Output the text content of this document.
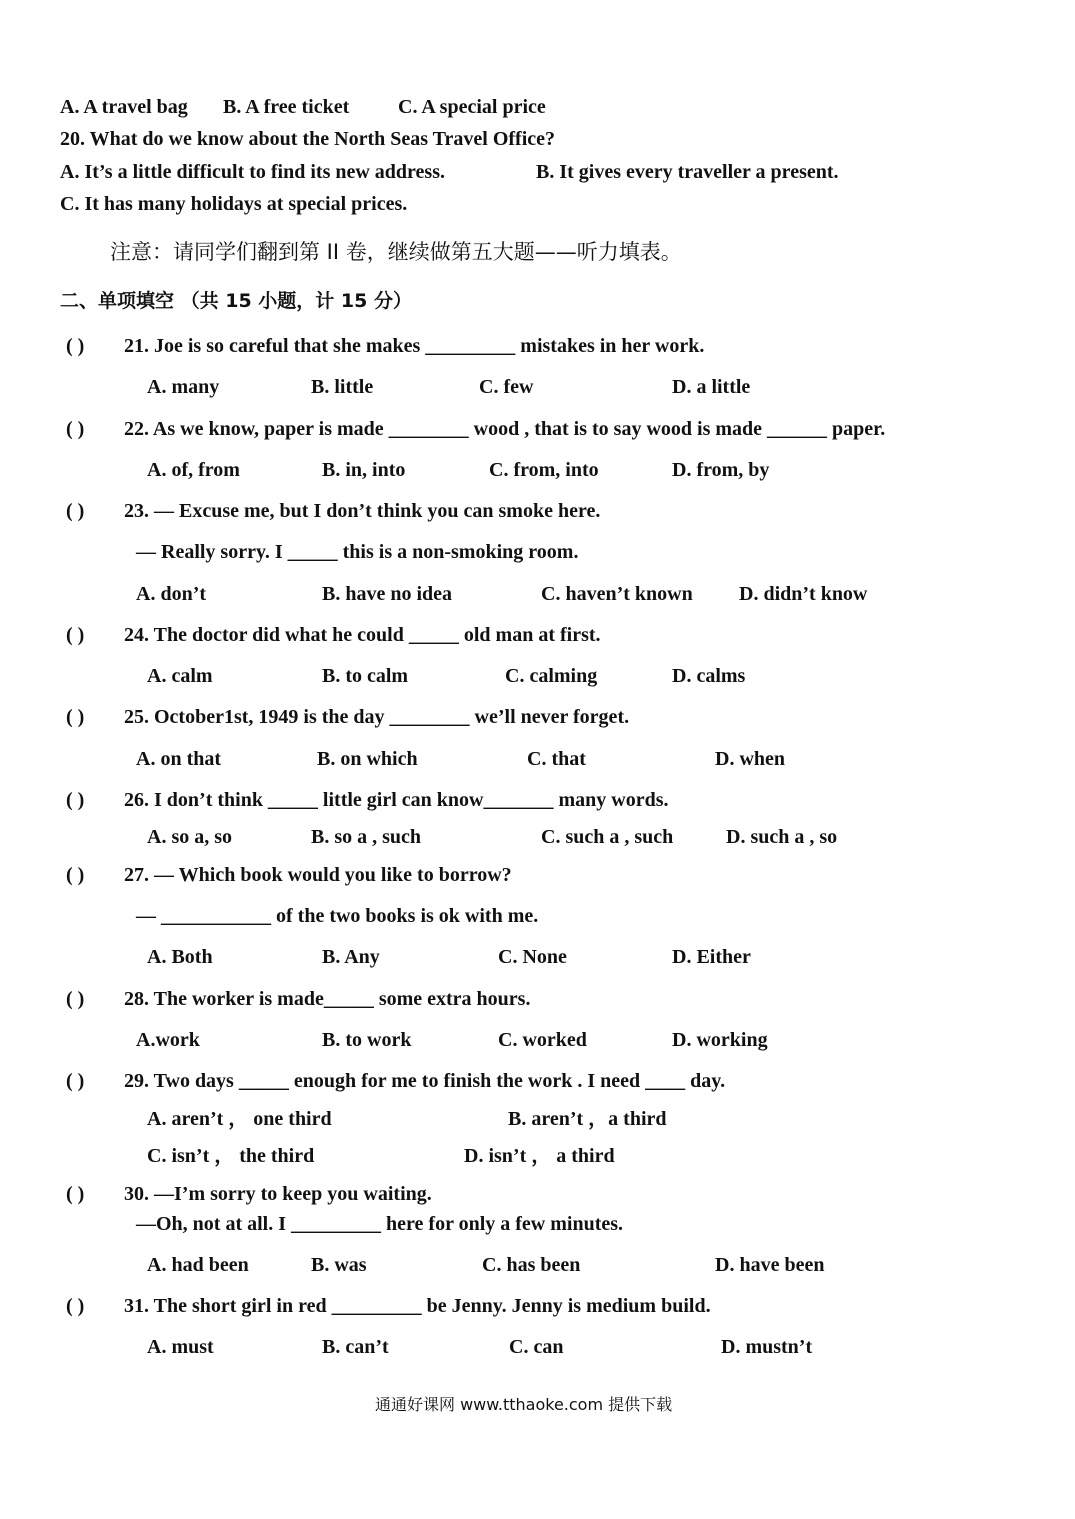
A. A travel bag B. A free ticket C. A special price
20. What do we know about the North Seas Travel Office?
A. It’s a little difficult to find its new address.	B. It gives every traveller a present.
C. It has many holidays at special prices.
注意：请同学们翻到第 II 卷，继续做第五大题——听力填表。
二、单项填空 （共 15 小题，计 15 分）
( ) 21. Joe is so careful that she makes _________ mistakes in her work.
A. many	B. little	C. few	D. a little
( ) 22. As we know, paper is made ________ wood , that is to say wood is made ______ paper.
A. of, from	B. in, into	C. from, into	D. from, by
( ) 23. — Excuse me, but I don’t think you can smoke here.
— Really sorry. I _____ this is a non-smoking room.
A. don’t	B. have no idea	C. haven’t known D. didn’t know
( ) 24. The doctor did what he could _____ old man at first.
A. calm	B. to calm	C. calming	D. calms
( ) 25. October1st, 1949 is the day ________ we’ll never forget.
A. on that	B. on which	C. that	D. when
( ) 26. I don’t think _____ little girl can know_______ many words.
A. so a, so	B. so a , such	C. such a , such	D. such a , so
( ) 27. — Which book would you like to borrow?
— ___________ of the two books is ok with me.
A. Both	B. Any	C. None	D. Either
( ) 28. The worker is made_____ some extra hours.
A.work	B. to work	C. worked	D. working
( ) 29. Two days _____ enough for me to finish the work . I need ____ day.
A. aren’t ， one third	B. aren’t ，a third
C. isn’t ， the third	D. isn’t ， a third
( ) 30. —I’m sorry to keep you waiting.
—Oh, not at all. I _________ here for only a few minutes.
A. had been	B. was	C. has been	D. have been
( ) 31. The short girl in red _________ be Jenny. Jenny is medium build.
A. must	B. can’t	C. can	D. mustn’t
通通好课网 www.tthaoke.com 提供下载
